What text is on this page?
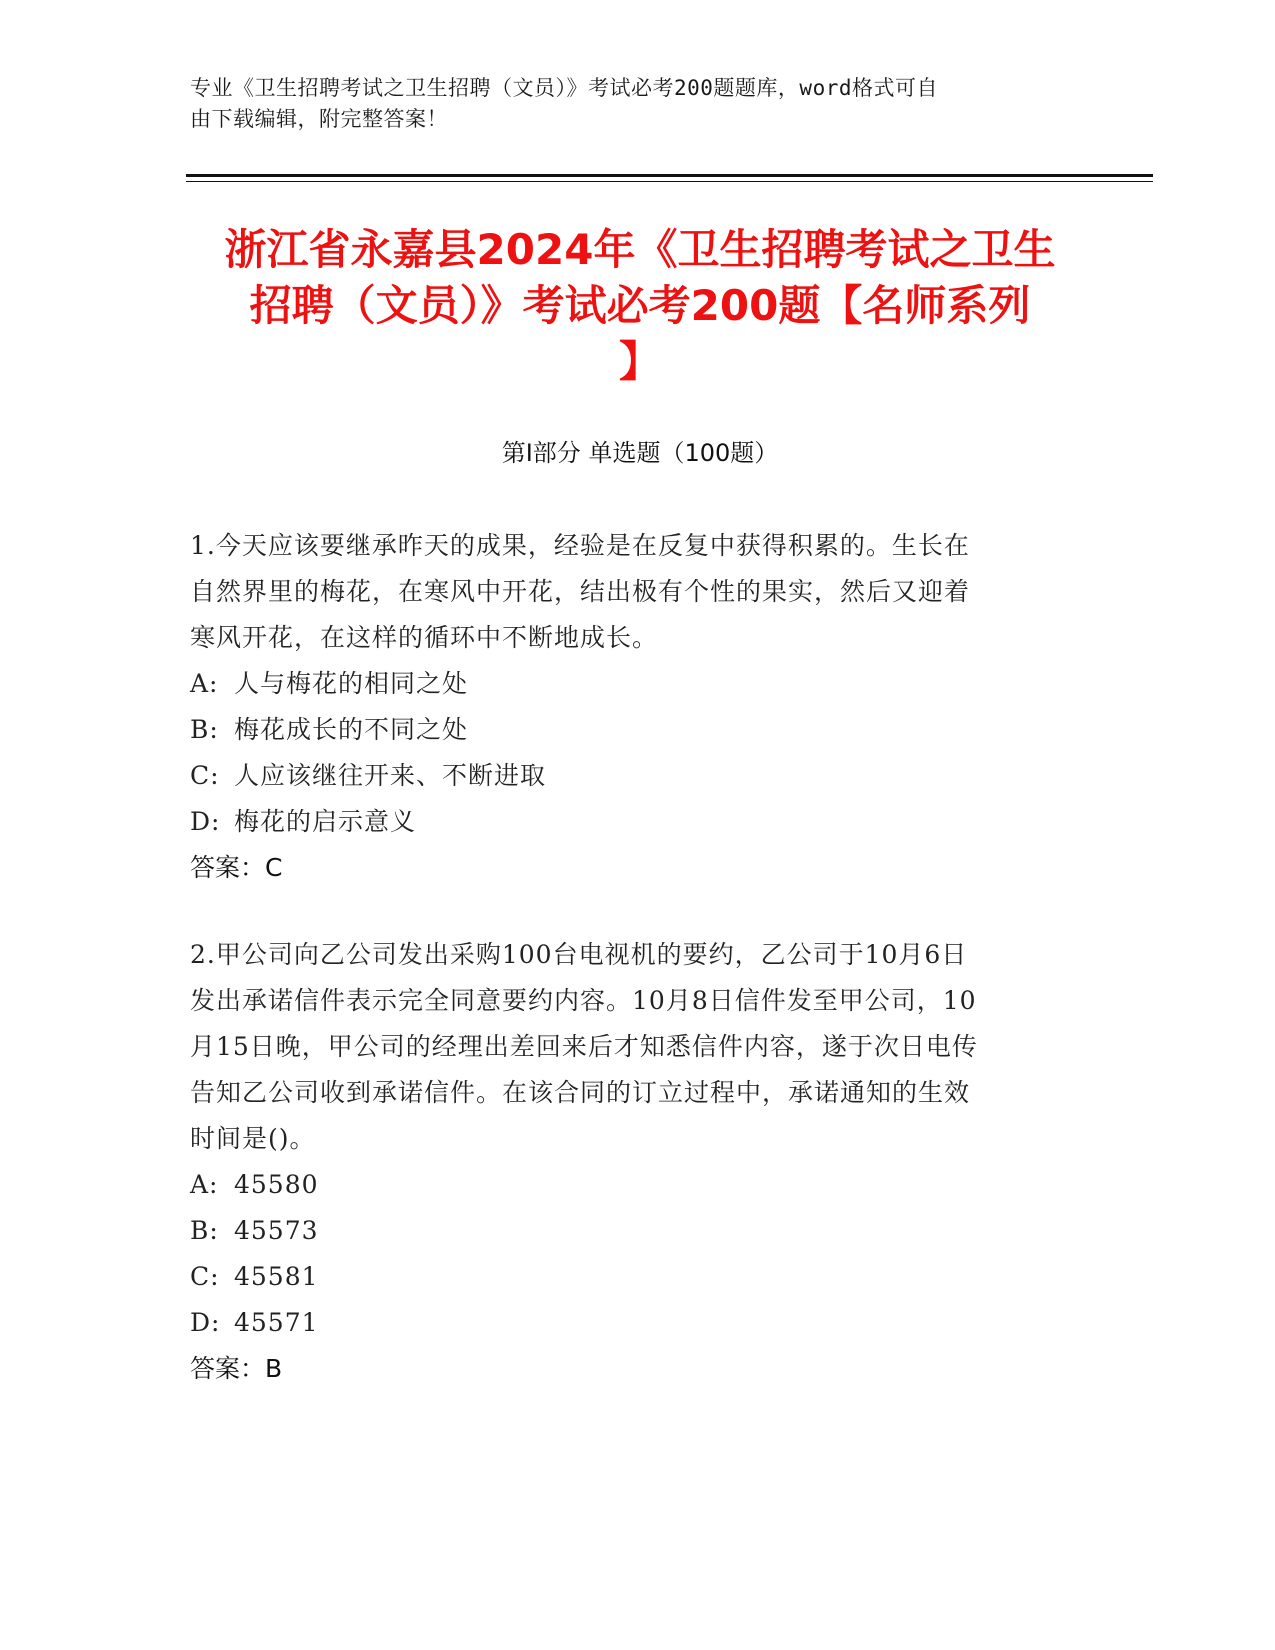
专业《卫生招聘考试之卫生招聘（文员）》考试必考200题题库，word格式可自
由下载编辑，附完整答案！
浙江省永嘉县2024年《卫生招聘考试之卫生
招聘（文员）》考试必考200题【名师系列
】
第Ⅰ部分 单选题（100题）
1.今天应该要继承昨天的成果，经验是在反复中获得积累的。生长在
自然界里的梅花，在寒风中开花，结出极有个性的果实，然后又迎着
寒风开花，在这样的循环中不断地成长。
A: 人与梅花的相同之处
B: 梅花成长的不同之处
C: 人应该继往开来、不断进取
D: 梅花的启示意义
答案：C
2.甲公司向乙公司发出采购100台电视机的要约，乙公司于10月6日
发出承诺信件表示完全同意要约内容。10月8日信件发至甲公司，10
月15日晚，甲公司的经理出差回来后才知悉信件内容，遂于次日电传
告知乙公司收到承诺信件。在该合同的订立过程中，承诺通知的生效
时间是()。
A: 45580
B: 45573
C: 45581
D: 45571
答案：B
